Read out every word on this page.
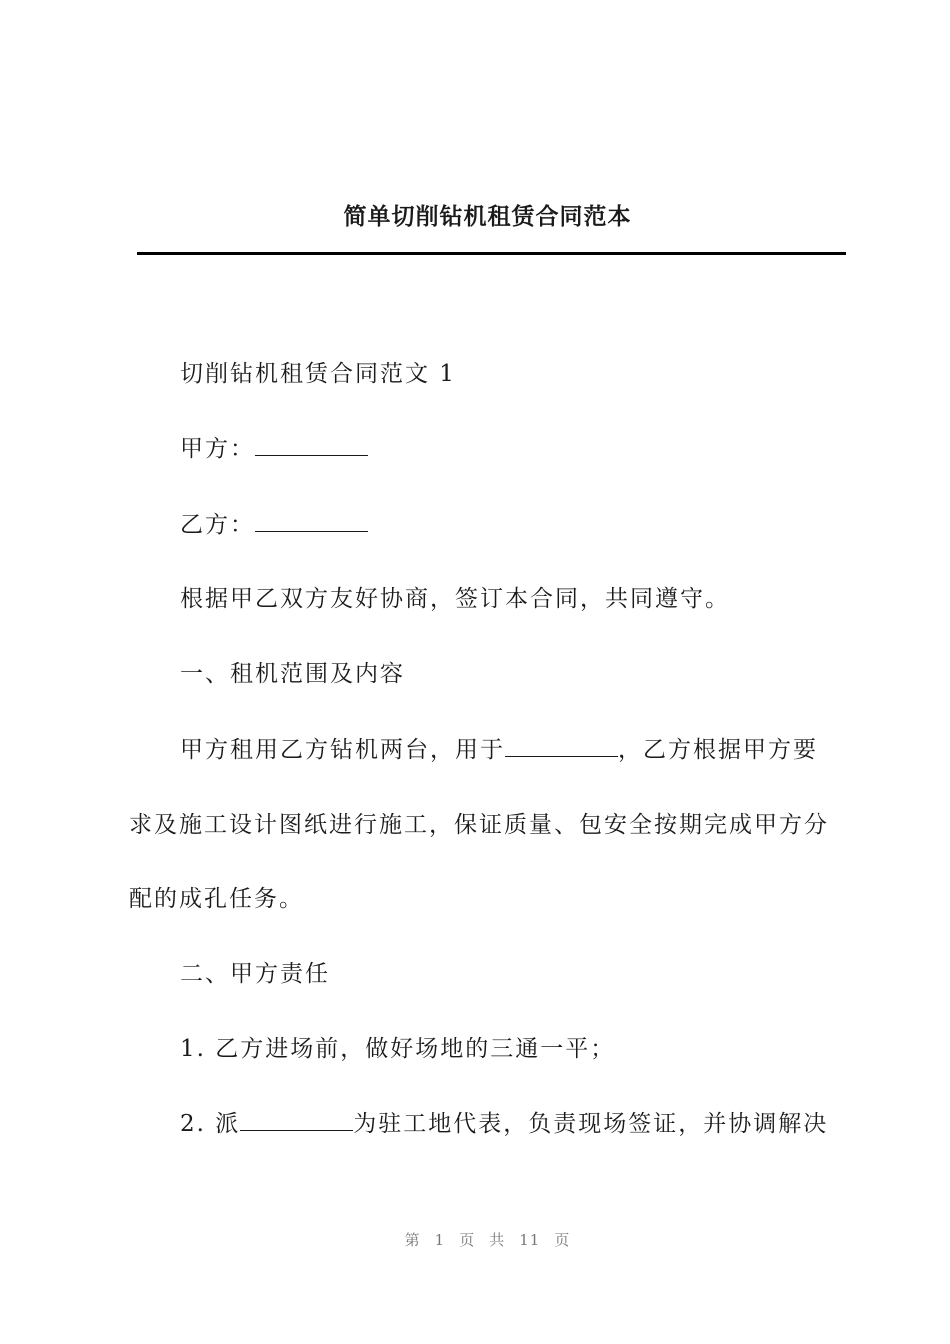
简单切削钻机租赁合同范本
切削钻机租赁合同范文 1
甲方：
乙方：
根据甲乙双方友好协商，签订本合同，共同遵守。
一、租机范围及内容
甲方租用乙方钻机两台，用于	，乙方根据甲方要
求及施工设计图纸进行施工，保证质量、包安全按期完成甲方分
配的成孔任务。
二、甲方责任
1. 乙方进场前，做好场地的三通一平；
2. 派	为驻工地代表，负责现场签证，并协调解决
第 1 页 共 11 页
